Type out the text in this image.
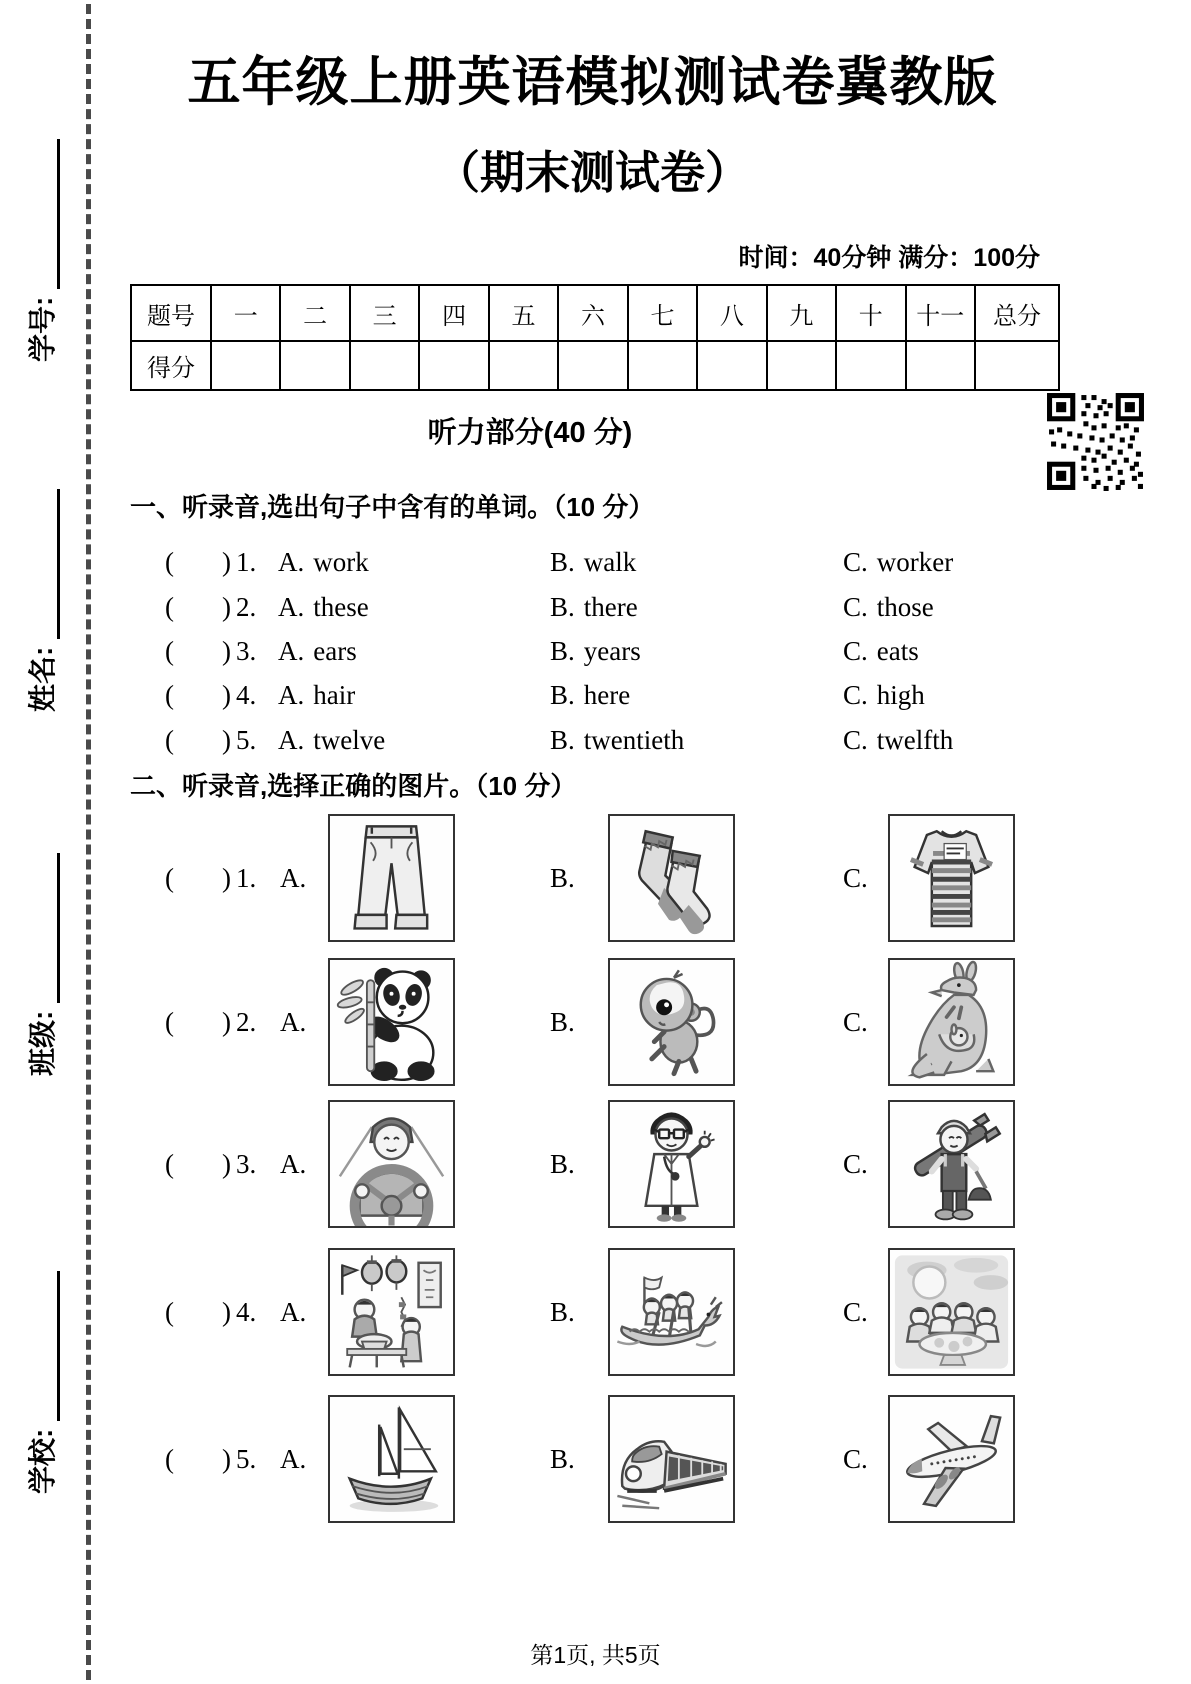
学号:
姓名:
班级:
学校:
五年级上册英语模拟测试卷冀教版
（期末测试卷）
时间：40分钟 满分：100分
题号	一	二	三	四	五	六	七	八	九	十	十一	总分
得分												
听力部分(40 分)
一、听录音,选出句子中含有的单词。（10 分）
( ) 1. A. work	B. walk	C. worker
( ) 2. A. these	B. there	C. those
( ) 3. A. ears	B. years	C. eats
( ) 4. A. hair	B. here	C. high
( ) 5. A. twelve	B. twentieth	C. twelfth
二、听录音,选择正确的图片。（10 分）
( ) 1. A.	B.	C.
( ) 2. A.	B.	C.
( ) 3. A.	B.	C.
( ) 4. A.	B.	C.
( ) 5. A.	B.	C.
第1页, 共5页
